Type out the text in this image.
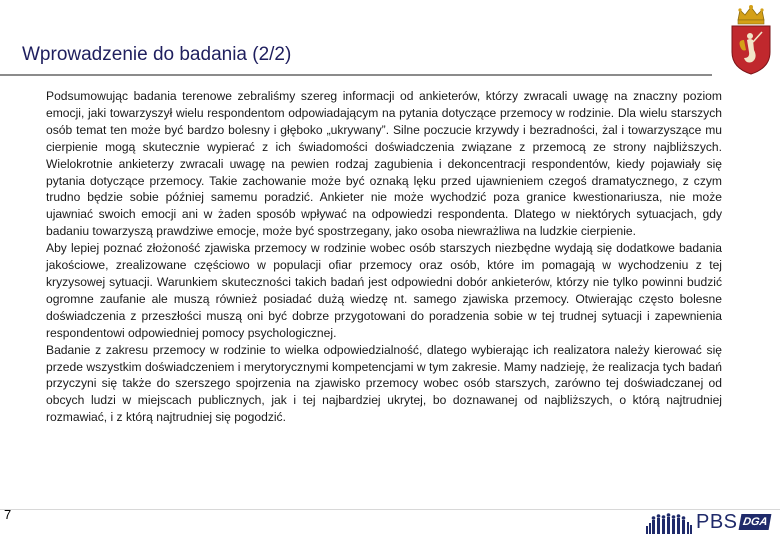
Wprowadzenie do badania (2/2)

Podsumowując badania terenowe zebraliśmy szereg informacji od ankieterów, którzy zwracali uwagę na znaczny poziom emocji, jaki towarzyszył wielu respondentom odpowiadającym na pytania dotyczące przemocy w rodzinie. Dla wielu starszych osób temat ten może być bardzo bolesny i głęboko „ukrywany”. Silne poczucie krzywdy i bezradności, żal i towarzyszące mu cierpienie mogą skutecznie wypierać z ich świadomości doświadczenia związane z przemocą ze strony najbliższych. Wielokrotnie ankieterzy zwracali uwagę na pewien rodzaj zagubienia i dekoncentracji respondentów, kiedy pojawiały się pytania dotyczące przemocy. Takie zachowanie może być oznaką lęku przed ujawnieniem czegoś dramatycznego, z czym trudno będzie sobie później samemu poradzić. Ankieter nie może wychodzić poza granice kwestionariusza, nie może ujawniać swoich emocji ani w żaden sposób wpływać na odpowiedzi respondenta. Dlatego w niektórych sytuacjach, gdy badaniu towarzyszą prawdziwe emocje, może być spostrzegany, jako osoba niewrażliwa na ludzkie cierpienie.

Aby lepiej poznać złożoność zjawiska przemocy w rodzinie wobec osób starszych niezbędne wydają się dodatkowe badania jakościowe, zrealizowane częściowo w populacji ofiar przemocy oraz osób, które im pomagają w wychodzeniu z tej kryzysowej sytuacji. Warunkiem skuteczności takich badań jest odpowiedni dobór ankieterów, którzy nie tylko powinni budzić ogromne zaufanie ale muszą również posiadać dużą wiedzę nt. samego zjawiska przemocy. Otwierając często bolesne doświadczenia z przeszłości muszą oni być dobrze przygotowani do poradzenia sobie w tej trudnej sytuacji i zapewnienia respondentowi odpowiedniej pomocy psychologicznej.

Badanie z zakresu przemocy w rodzinie to wielka odpowiedzialność, dlatego wybierając ich realizatora należy kierować się przede wszystkim doświadczeniem i merytorycznymi kompetencjami w tym zakresie. Mamy nadzieję, że realizacja tych badań przyczyni się także do szerszego spojrzenia na zjawisko przemocy wobec osób starszych, zarówno tej doświadczanej od obcych ludzi w miejscach publicznych, jak i tej najbardziej ukrytej, bo doznawanej od najbliższych, o którą najtrudniej rozmawiać, i z którą najtrudniej się pogodzić.

7	PBS DGA
